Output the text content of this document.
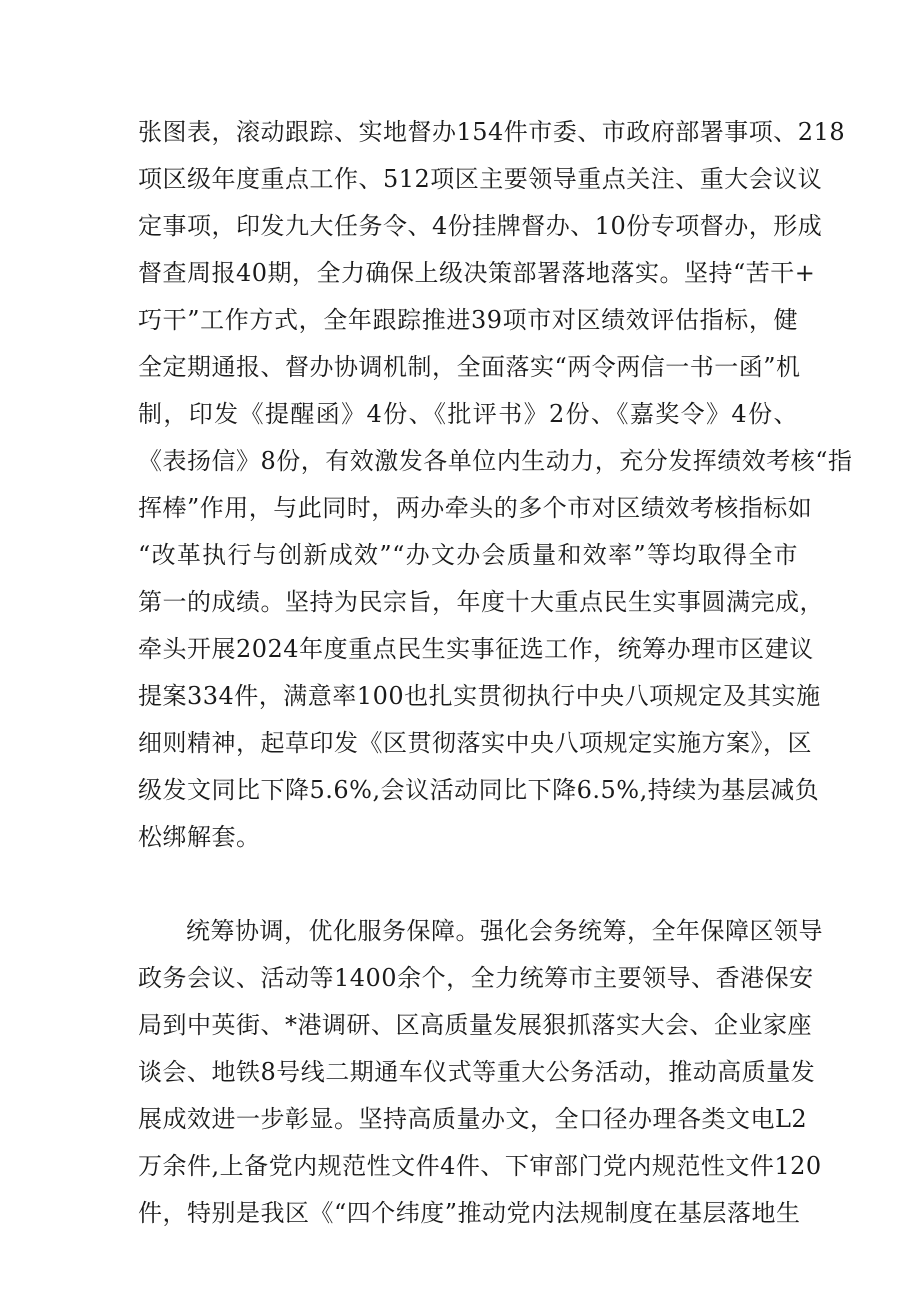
张图表，滚动跟踪、实地督办154件市委、市政府部署事项、218
项区级年度重点工作、512项区主要领导重点关注、重大会议议
定事项，印发九大任务令、4份挂牌督办、10份专项督办，形成
督查周报40期，全力确保上级决策部署落地落实。坚持“苦干+
巧干”工作方式，全年跟踪推进39项市对区绩效评估指标，健
全定期通报、督办协调机制，全面落实“两令两信一书一函”机
制，印发《提醒函》4份、《批评书》2份、《嘉奖令》4份、
《表扬信》8份，有效激发各单位内生动力，充分发挥绩效考核“指
挥棒”作用，与此同时，两办牵头的多个市对区绩效考核指标如
“改革执行与创新成效”“办文办会质量和效率”等均取得全市
第一的成绩。坚持为民宗旨，年度十大重点民生实事圆满完成，
牵头开展2024年度重点民生实事征选工作，统筹办理市区建议
提案334件，满意率100也扎实贯彻执行中央八项规定及其实施
细则精神，起草印发《区贯彻落实中央八项规定实施方案》，区
级发文同比下降5.6%,会议活动同比下降6.5%,持续为基层减负
松绑解套。
统筹协调，优化服务保障。强化会务统筹，全年保障区领导
政务会议、活动等1400余个，全力统筹市主要领导、香港保安
局到中英街、*港调研、区高质量发展狠抓落实大会、企业家座
谈会、地铁8号线二期通车仪式等重大公务活动，推动高质量发
展成效进一步彰显。坚持高质量办文，全口径办理各类文电L2
万余件,上备党内规范性文件4件、下审部门党内规范性文件120
件，特别是我区《“四个纬度”推动党内法规制度在基层落地生
